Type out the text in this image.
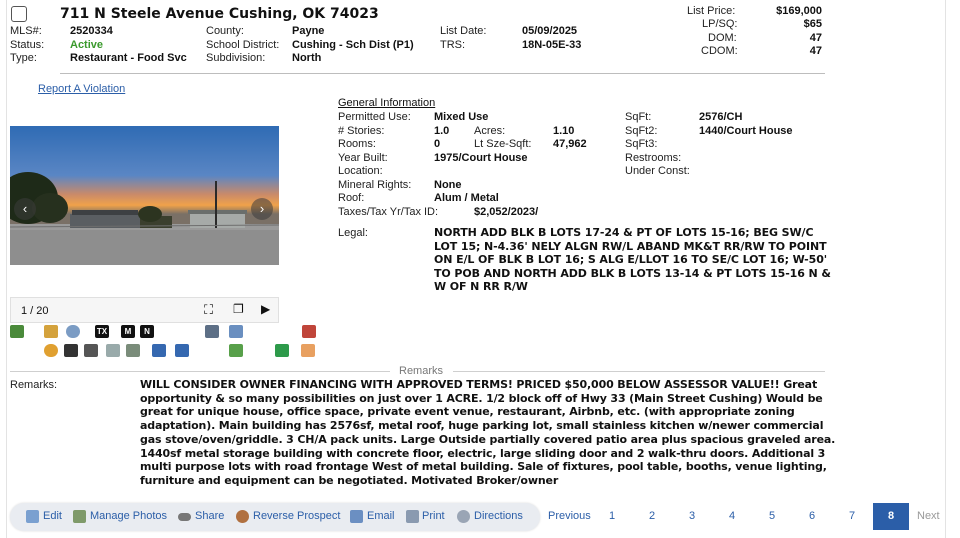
711 N Steele Avenue Cushing, OK 74023
MLS#:	2520334
Status: Active
Type:	Restaurant - Food Svc
County:	Payne
School District: Cushing - Sch Dist (P1)
Subdivision: North
List Date:	05/09/2025
TRS:	18N-05E-33
List Price:	$169,000
LP/SQ:	$65
DOM:	47
CDOM:	47
Report A Violation
General Information
Permitted Use: Mixed Use
# Stories:	1.0 Acres:	1.10
Rooms:	0	Lt Sze-Sqft: 47,962
Year Built:	1975/Court House
Location:
Mineral Rights: None
Roof:	Alum / Metal
Taxes/Tax Yr/Tax ID:	$2,052/2023/
Legal:	NORTH ADD BLK B LOTS 17-24 & PT OF LOTS 15-16; BEG SW/C LOT 15; N-4.36' NELY ALGN RW/L ABAND MK&T RR/RW TO POINT ON E/L OF BLK B LOT 16; S ALG E/LLOT 16 TO SE/C LOT 16; W-50' TO POB AND NORTH ADD BLK B LOTS 13-14 & PT LOTS 15-16 N & W OF N RR R/W
SqFt:	2576/CH
SqFt2:	1440/Court House
SqFt3:
Restrooms:
Under Const:
‹	›
1 / 20	⛶ ❐ ▶
TX	M	N
Remarks
Remarks:	WILL CONSIDER OWNER FINANCING WITH APPROVED TERMS! PRICED $50,000 BELOW ASSESSOR VALUE!! Great opportunity & so many possibilities on just over 1 ACRE. 1/2 block off of Hwy 33 (Main Street Cushing) Would be great for unique house, office space, private event venue, restaurant, Airbnb, etc. (with appropriate zoning adaptation). Main building has 2576sf, metal roof, huge parking lot, small stainless kitchen w/newer commercial gas stove/oven/griddle. 3 CH/A pack units. Large Outside partially covered patio area plus spacious graveled area. 1440sf metal storage building with concrete floor, electric, large sliding door and 2 walk-thru doors. Additional 3 multi purpose lots with road frontage West of metal building. Sale of fixtures, pool table, booths, venue lighting, furniture and equipment can be negotiated. Motivated Broker/owner
Edit	Manage Photos	Share	Reverse Prospect Email Print	Directions Previous 1	2	3	4	5	6	7	8	Next
